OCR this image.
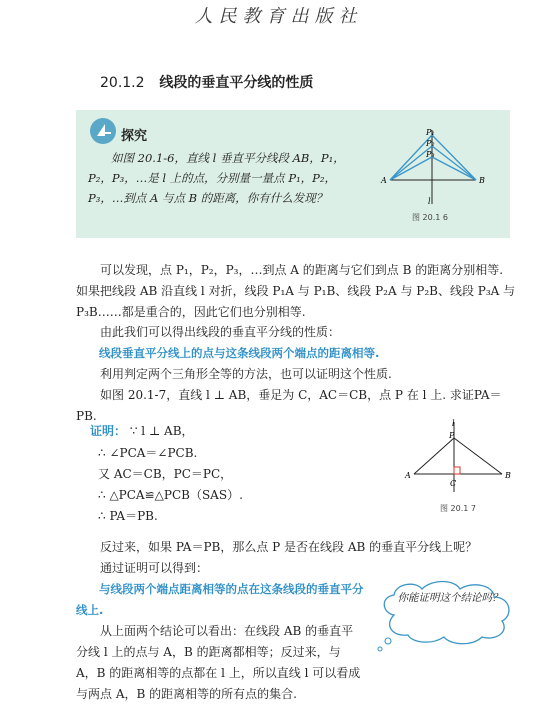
人民教育出版社
20.1.2 线段的垂直平分线的性质
探究
如图 20.1-6，直线 l 垂直平分线段 AB，P₁，P₂，P₃，…是 l 上的点，分别量一量点 P₁，P₂，P₃，…到点 A 与点 B 的距离，你有什么发现？
P₁
P₂
P₃
A	B
l
图 20.1 6
可以发现，点 P₁，P₂，P₃，…到点 A 的距离与它们到点 B 的距离分别相等. 如果把线段 AB 沿直线 l 对折，线段 P₁A 与 P₁B、线段 P₂A 与 P₂B、线段 P₃A 与 P₃B……都是重合的，因此它们也分别相等.
由此我们可以得出线段的垂直平分线的性质：
线段垂直平分线上的点与这条线段两个端点的距离相等.
利用判定两个三角形全等的方法，也可以证明这个性质.
如图 20.1-7，直线 l ⊥ AB，垂足为 C，AC＝CB，点 P 在 l 上. 求证PA＝PB.
证明： ∵ l ⊥ AB，
∴ ∠PCA＝∠PCB.
又 AC＝CB，PC＝PC，
∴ △PCA≌△PCB（SAS）.
∴ PA＝PB.
l
P
A	B
C
图 20.1 7
反过来，如果 PA＝PB，那么点 P 是否在线段 AB 的垂直平分线上呢？
通过证明可以得到：
与线段两个端点距离相等的点在这条线段的垂直平分线上.
从上面两个结论可以看出：在线段 AB 的垂直平分线 l 上的点与 A，B 的距离都相等；反过来，与 A，B 的距离相等的点都在 l 上，所以直线 l 可以看成与两点 A，B 的距离相等的所有点的集合.
你能证明这个结论吗？
